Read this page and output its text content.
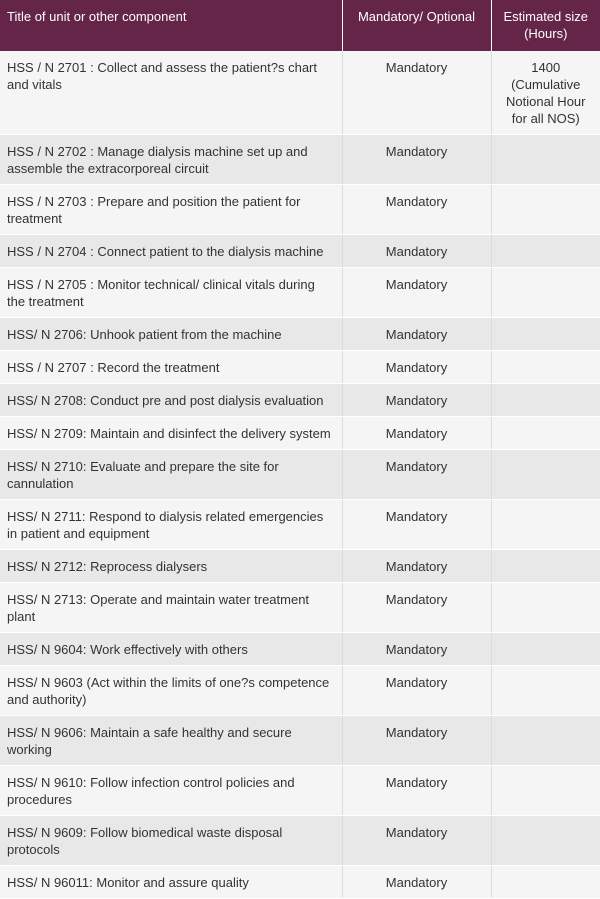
Title of unit or other component	Mandatory/ Optional	Estimated size (Hours)
HSS / N 2701 : Collect and assess the patient?s chart and vitals	Mandatory	1400 (Cumulative Notional Hour for all NOS)
HSS / N 2702 : Manage dialysis machine set up and assemble the extracorporeal circuit	Mandatory	
HSS / N 2703 : Prepare and position the patient for treatment	Mandatory	
HSS / N 2704 : Connect patient to the dialysis machine	Mandatory	
HSS / N 2705 : Monitor technical/ clinical vitals during the treatment	Mandatory	
HSS/ N 2706: Unhook patient from the machine	Mandatory	
HSS / N 2707 : Record the treatment	Mandatory	
HSS/ N 2708: Conduct pre and post dialysis evaluation	Mandatory	
HSS/ N 2709: Maintain and disinfect the delivery system	Mandatory	
HSS/ N 2710: Evaluate and prepare the site for cannulation	Mandatory	
HSS/ N 2711: Respond to dialysis related emergencies in patient and equipment	Mandatory	
HSS/ N 2712: Reprocess dialysers	Mandatory	
HSS/ N 2713: Operate and maintain water treatment plant	Mandatory	
HSS/ N 9604: Work effectively with others	Mandatory	
HSS/ N 9603 (Act within the limits of one?s competence and authority)	Mandatory	
HSS/ N 9606: Maintain a safe healthy and secure working	Mandatory	
HSS/ N 9610: Follow infection control policies and procedures	Mandatory	
HSS/ N 9609: Follow biomedical waste disposal protocols	Mandatory	
HSS/ N 96011: Monitor and assure quality	Mandatory	
